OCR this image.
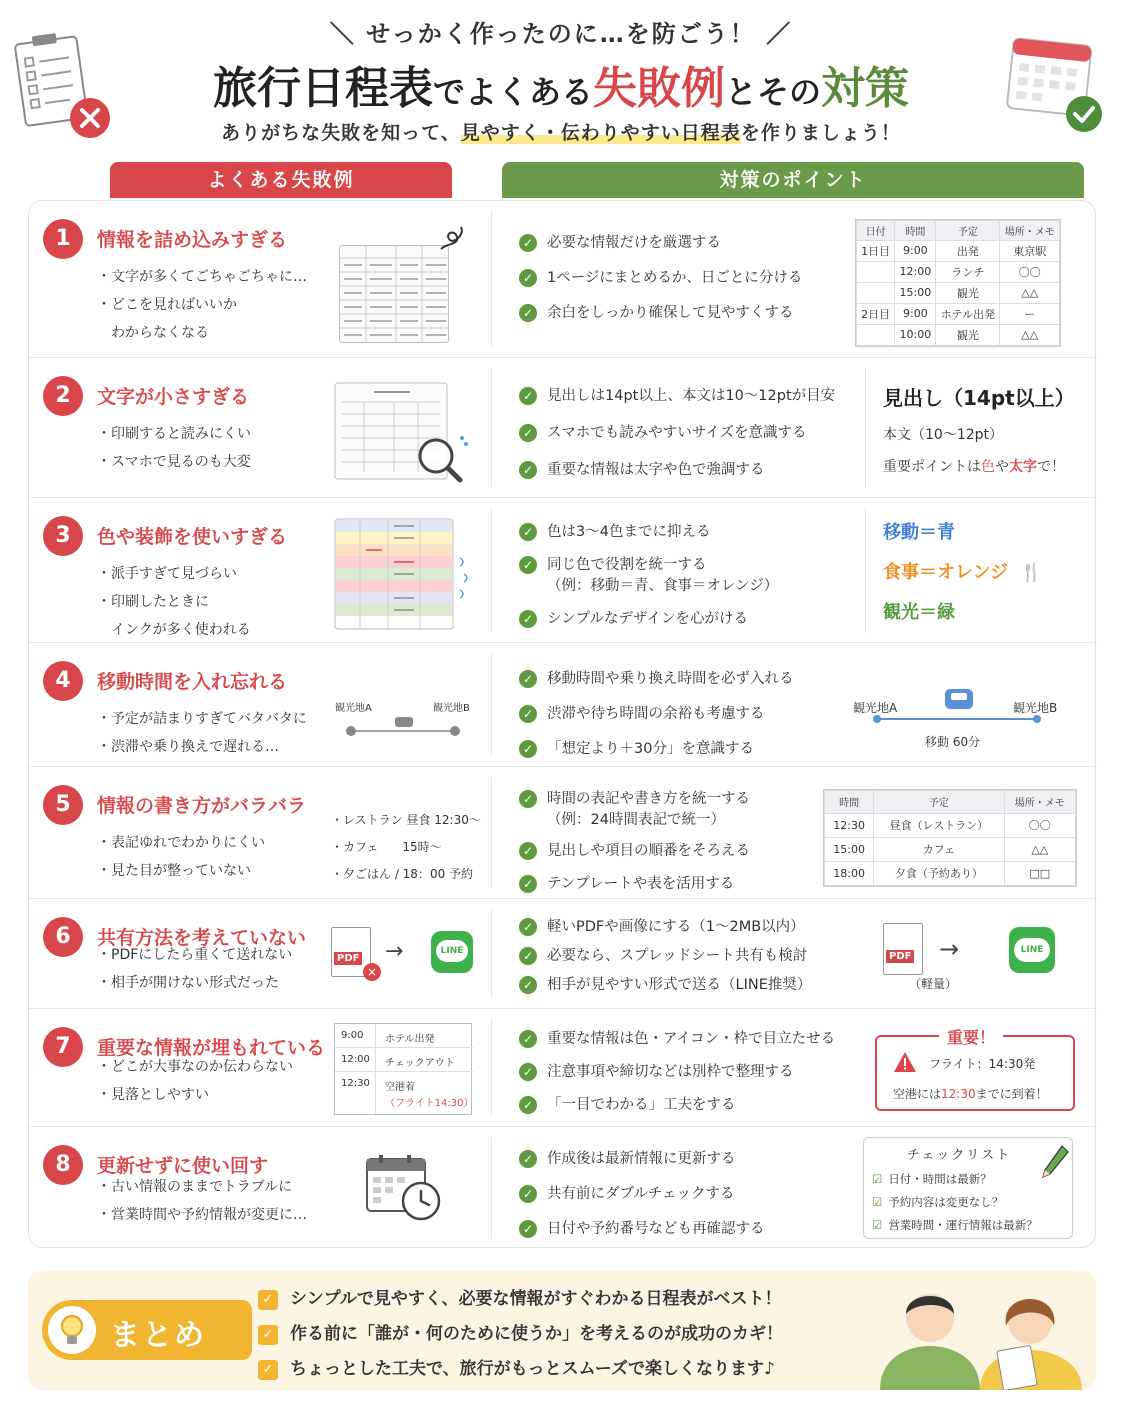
＼ せっかく作ったのに…を防ごう！ ／
旅行日程表でよくある失敗例とその対策
ありがちな失敗を知って、見やすく・伝わりやすい日程表を作りましょう！
よくある失敗例	対策のポイント
1	情報を詰め込みすぎる
・文字が多くてごちゃごちゃに…
・どこを見ればいいか
　わからなくなる
✓ 必要な情報だけを厳選する
✓ 1ページにまとめるか、日ごとに分ける
✓ 余白をしっかり確保して見やすくする
日付	時間	予定	場所・メモ
1日目	9:00	出発	東京駅
	12:00	ランチ	〇〇
	15:00	観光	△△
2日目	9:00	ホテル出発	ー
	10:00	観光	△△
2	文字が小さすぎる
・印刷すると読みにくい
・スマホで見るのも大変
✓ 見出しは14pt以上、本文は10〜12ptが目安
✓ スマホでも読みやすいサイズを意識する
✓ 重要な情報は太字や色で強調する
見出し（14pt以上）
本文（10〜12pt）
重要ポイントは色や太字で！
3	色や装飾を使いすぎる
・派手すぎて見づらい
・印刷したときに
　インクが多く使われる
✓ 色は3〜4色までに抑える
✓ 同じ色で役割を統一する
（例：移動＝青、食事＝オレンジ）
✓ シンプルなデザインを心がける
移動＝青
食事＝オレンジ 🍴
観光＝緑
4	移動時間を入れ忘れる
・予定が詰まりすぎてバタバタに
・渋滞や乗り換えで遅れる…
観光地A	観光地B
✓ 移動時間や乗り換え時間を必ず入れる
✓ 渋滞や待ち時間の余裕も考慮する
✓ 「想定より＋30分」を意識する
観光地A	観光地B
移動 60分
5	情報の書き方がバラバラ
・表記ゆれでわかりにくい
・見た目が整っていない
・レストラン 昼食 12:30〜
・カフェ　　15時〜
・夕ごはん / 18：00 予約
✓ 時間の表記や書き方を統一する
（例：24時間表記で統一）
✓ 見出しや項目の順番をそろえる
✓ テンプレートや表を活用する
時間	予定	場所・メモ
12:30	昼食（レストラン）	〇〇
15:00	カフェ	△△
18:00	夕食（予約あり）	□□
6	共有方法を考えていない
・PDFにしたら重くて送れない
・相手が開けない形式だった
PDF
×
→	LINE
✓ 軽いPDFや画像にする（1〜2MB以内）
✓ 必要なら、スプレッドシート共有も検討
✓ 相手が見やすい形式で送る（LINE推奨）
PDF
（軽量）
→	LINE
7	重要な情報が埋もれている
・どこが大事なのか伝わらない
・見落としやすい
9:00 ホテル出発
12:00 チェックアウト
12:30 空港着
（フライト14:30）
✓ 重要な情報は色・アイコン・枠で目立たせる
✓ 注意事項や締切などは別枠で整理する
✓ 「一目でわかる」工夫をする
重要！
フライト：14:30発
空港には12:30までに到着！
8	更新せずに使い回す
・古い情報のままでトラブルに
・営業時間や予約情報が変更に…
✓ 作成後は最新情報に更新する
✓ 共有前にダブルチェックする
✓ 日付や予約番号なども再確認する
チェックリスト
☑ 日付・時間は最新？
☑ 予約内容は変更なし？
☑ 営業時間・運行情報は最新？
まとめ
✓ シンプルで見やすく、必要な情報がすぐわかる日程表がベスト！
✓ 作る前に「誰が・何のために使うか」を考えるのが成功のカギ！
✓ ちょっとした工夫で、旅行がもっとスムーズで楽しくなります♪
